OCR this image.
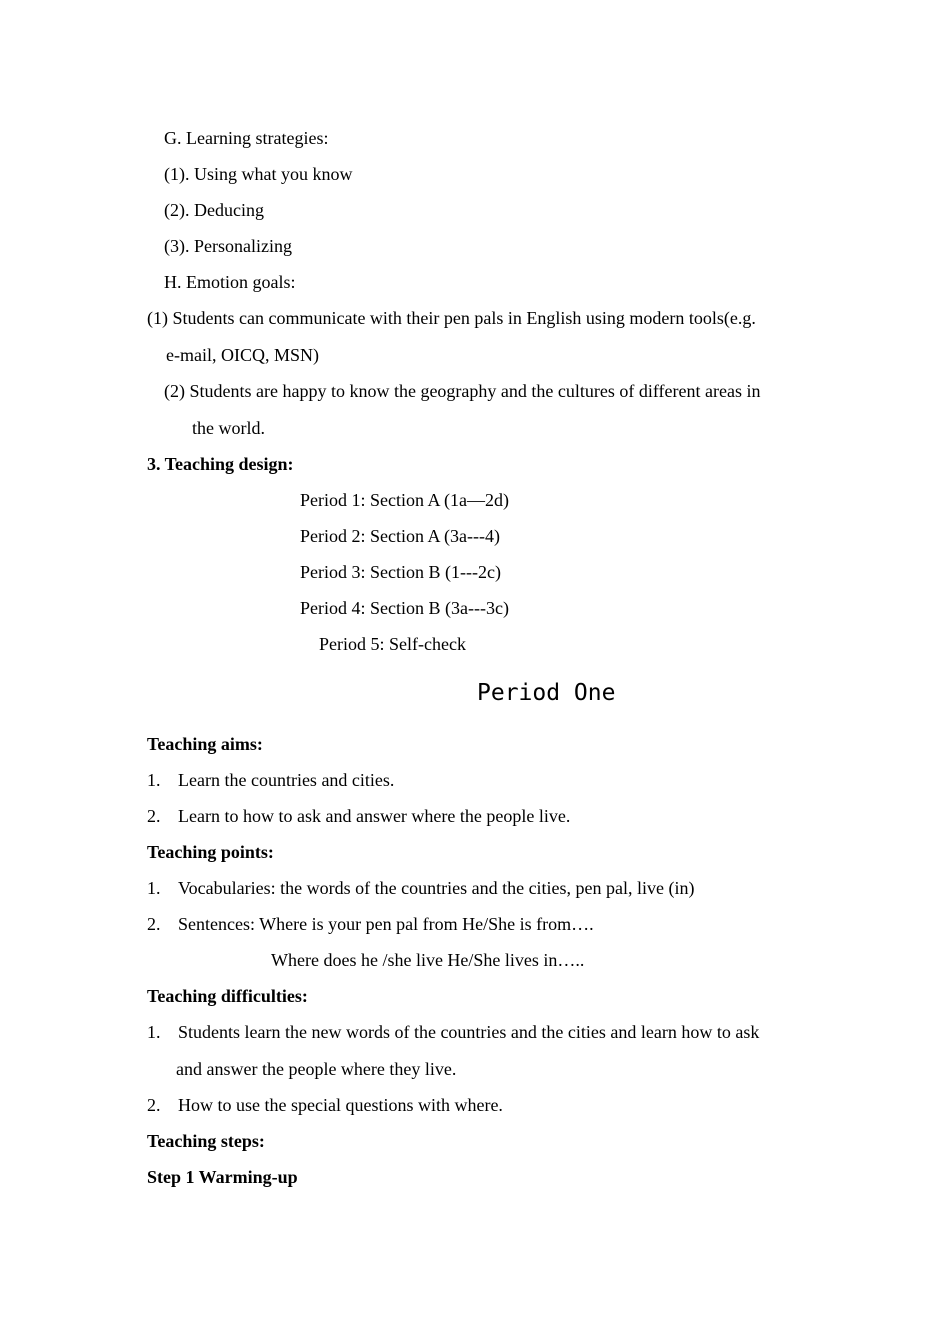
G. Learning strategies:
(1). Using what you know
(2). Deducing
(3). Personalizing
H. Emotion goals:
(1) Students can communicate with their pen pals in English using modern tools(e.g.
e-mail, OICQ, MSN)
(2) Students are happy to know the geography and the cultures of different areas in
the world.
3. Teaching design:
Period 1: Section A (1a—2d)
Period 2: Section A (3a---4)
Period 3: Section B (1---2c)
Period 4: Section B (3a---3c)
Period 5: Self-check
Period One
Teaching aims:
1. Learn the countries and cities.
2. Learn to how to ask and answer where the people live.
Teaching points:
1. Vocabularies: the words of the countries and the cities, pen pal, live (in)
2. Sentences: Where is your pen pal from He/She is from….
Where does he /she live He/She lives in…..
Teaching difficulties:
1. Students learn the new words of the countries and the cities and learn how to ask
and answer the people where they live.
2. How to use the special questions with where.
Teaching steps:
Step 1 Warming-up
